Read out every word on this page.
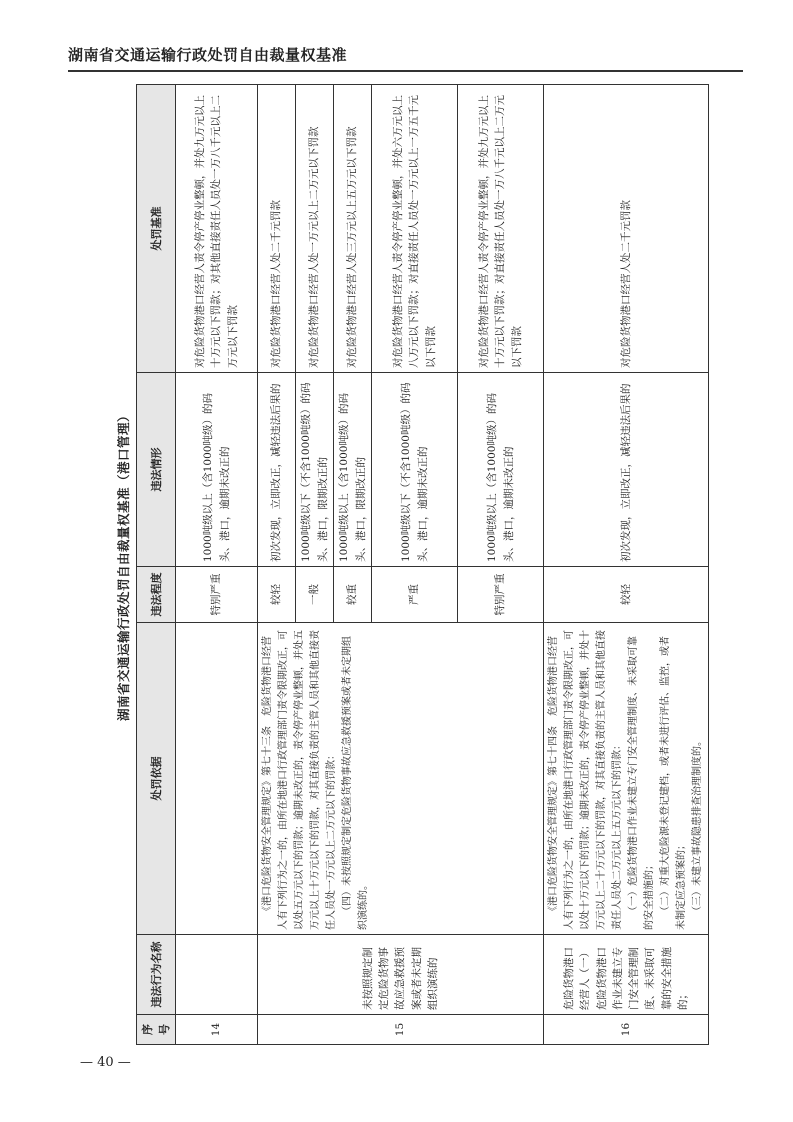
湖南省交通运输行政处罚自由裁量权基准
湖南省交通运输行政处罚自由裁量权基准（港口管理）
序号	违法行为名称	处罚依据	违法程度	违法情形	处罚基准
14			特别严重	1000吨级以上（含1000吨级）的码头、港口，逾期未改正的	对危险货物港口经营人责令停产停业整顿，并处九万元以上十万元以下罚款；对其他直接责任人员处一万八千元以上二万元以下罚款
15	未按照规定制定危险货物事故应急救援预案或者未定期组织演练的	《港口危险货物安全管理规定》第七十三条　危险货物港口经营人有下列行为之一的，由所在地港口行政管理部门责令限期改正，可以处五万元以下的罚款；逾期未改正的，责令停产停业整顿，并处五万元以上十万元以下的罚款，对其直接负责的主管人员和其他直接责任人员处一万元以上二万元以下的罚款： （四）未按照规定制定危险货物事故应急救援预案或者未定期组织演练的。	较轻	初次发现，立即改正，减轻违法后果的	对危险货物港口经营人处二千元罚款
			一般	1000吨级以下（不含1000吨级）的码头、港口，限期改正的	对危险货物港口经营人处一万元以上二万元以下罚款
			较重	1000吨级以上（含1000吨级）的码头、港口，限期改正的	对危险货物港口经营人处三万元以上五万元以下罚款
			严重	1000吨级以下（不含1000吨级）的码头、港口，逾期未改正的	对危险货物港口经营人责令停产停业整顿，并处六万元以上八万元以下罚款；对直接责任人员处一万元以上一万五千元以下罚款
			特别严重	1000吨级以上（含1000吨级）的码头、港口，逾期未改正的	对危险货物港口经营人责令停产停业整顿，并处九万元以上十万元以下罚款；对直接责任人员处一万八千元以上二万元以下罚款
16	危险货物港口经营人（一）危险货物港口作业未建立专门安全管理制度、未采取可靠的安全措施的；	《港口危险货物安全管理规定》第七十四条　危险货物港口经营人有下列行为之一的，由所在地港口行政管理部门责令限期改正，可以处十万元以下的罚款；逾期未改正的，责令停产停业整顿，并处十万元以上二十万元以下的罚款，对其直接负责的主管人员和其他直接责任人员处二万元以上五万元以下的罚款： （一）危险货物港口作业未建立专门安全管理制度、未采取可靠的安全措施的； （二）对重大危险源未登记建档，或者未进行评估、监控，或者未制定应急预案的； （三）未建立事故隐患排查治理制度的。	较轻	初次发现，立即改正，减轻违法后果的	对危险货物港口经营人处二千元罚款
— 40 —
